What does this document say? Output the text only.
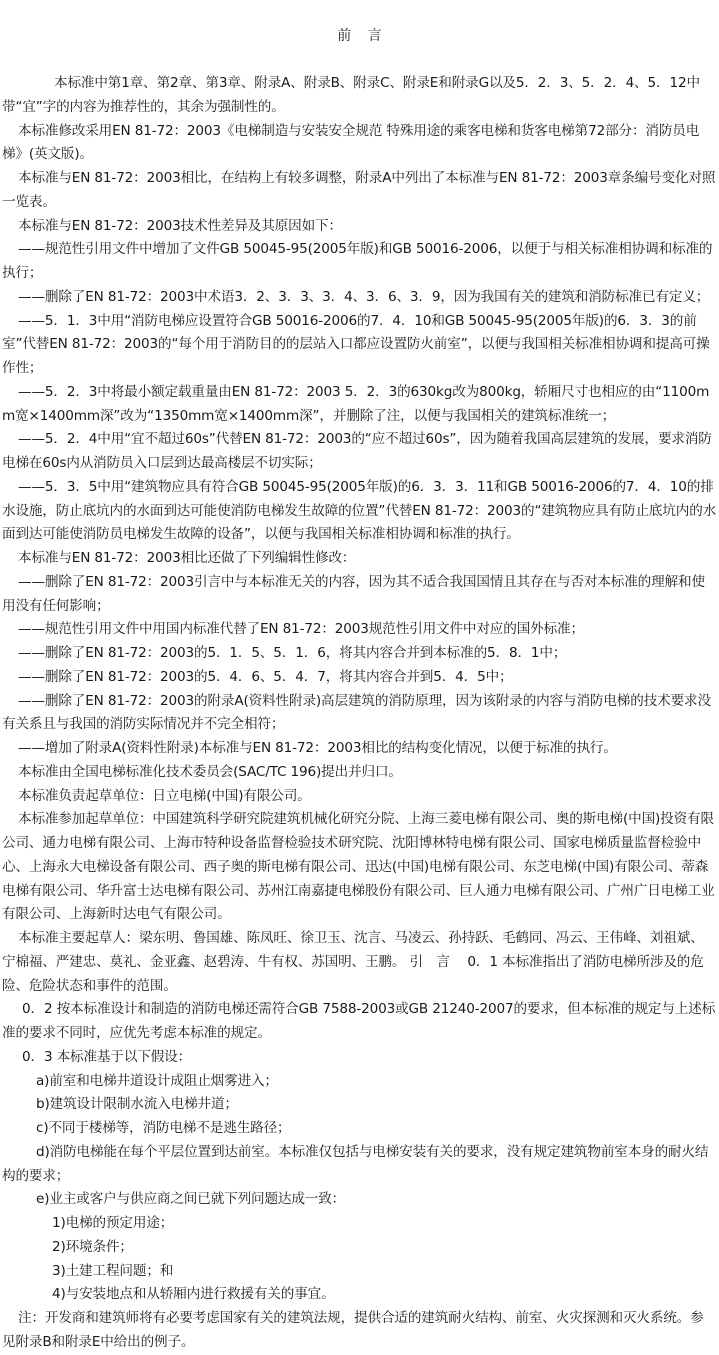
前 言

本标准中第1章、第2章、第3章、附录A、附录B、附录C、附录E和附录G以及5．2．3、5．2．4、5．12中带“宜”字的内容为推荐性的，其余为强制性的。

本标准修改采用EN 81-72：2003《电梯制造与安装安全规范 特殊用途的乘客电梯和货客电梯第72部分：消防员电梯》(英文版)。

本标准与EN 81-72：2003相比，在结构上有较多调整，附录A中列出了本标准与EN 81-72：2003章条编号变化对照一览表。

本标准与EN 81-72：2003技术性差异及其原因如下：

——规范性引用文件中增加了文件GB 50045-95(2005年版)和GB 50016-2006，以便于与相关标准相协调和标准的执行；

——删除了EN 81-72：2003中术语3．2、3．3、3．4、3．6、3．9，因为我国有关的建筑和消防标准已有定义；

——5．1．3中用“消防电梯应设置符合GB 50016-2006的7．4．10和GB 50045-95(2005年版)的6．3．3的前室”代替EN 81-72：2003的“每个用于消防目的的层站入口都应设置防火前室”，以便与我国相关标准相协调和提高可操作性；

——5．2．3中将最小额定载重量由EN 81-72：2003 5．2．3的630kg改为800kg，轿厢尺寸也相应的由“1100mm宽×1400mm深”改为“1350mm宽×1400mm深”，并删除了注，以便与我国相关的建筑标准统一；

——5．2．4中用“宜不超过60s”代替EN 81-72：2003的“应不超过60s”，因为随着我国高层建筑的发展，要求消防电梯在60s内从消防员入口层到达最高楼层不切实际；

——5．3．5中用“建筑物应具有符合GB 50045-95(2005年版)的6．3．3．11和GB 50016-2006的7．4．10的排水设施，防止底坑内的水面到达可能使消防电梯发生故障的位置”代替EN 81-72：2003的“建筑物应具有防止底坑内的水面到达可能使消防员电梯发生故障的设备”，以便与我国相关标准相协调和标准的执行。

本标准与EN 81-72：2003相比还做了下列编辑性修改：

——删除了EN 81-72：2003引言中与本标准无关的内容，因为其不适合我国国情且其存在与否对本标准的理解和使用没有任何影响；

——规范性引用文件中用国内标准代替了EN 81-72：2003规范性引用文件中对应的国外标准；

——删除了EN 81-72：2003的5．1．5、5．1．6，将其内容合并到本标准的5．8．1中；

——删除了EN 81-72：2003的5．4．6、5．4．7，将其内容合并到5．4．5中；

——删除了EN 81-72：2003的附录A(资料性附录)高层建筑的消防原理，因为该附录的内容与消防电梯的技术要求没有关系且与我国的消防实际情况并不完全相符；

——增加了附录A(资料性附录)本标准与EN 81-72：2003相比的结构变化情况，以便于标准的执行。

本标准由全国电梯标准化技术委员会(SAC/TC 196)提出并归口。

本标准负责起草单位：日立电梯(中国)有限公司。

本标准参加起草单位：中国建筑科学研究院建筑机械化研究分院、上海三菱电梯有限公司、奥的斯电梯(中国)投资有限公司、通力电梯有限公司、上海市特种设备监督检验技术研究院、沈阳博林特电梯有限公司、国家电梯质量监督检验中心、上海永大电梯设备有限公司、西子奥的斯电梯有限公司、迅达(中国)电梯有限公司、东芝电梯(中国)有限公司、蒂森电梯有限公司、华升富士达电梯有限公司、苏州江南嘉捷电梯股份有限公司、巨人通力电梯有限公司、广州广日电梯工业有限公司、上海新时达电气有限公司。

本标准主要起草人：梁东明、鲁国雄、陈凤旺、徐卫玉、沈言、马凌云、孙持跃、毛鹤同、冯云、王伟峰、刘祖斌、宁棉福、严建忠、莫礼、金亚鑫、赵碧涛、牛有权、苏国明、王鹏。 引　言　 0．1 本标准指出了消防电梯所涉及的危险、危险状态和事件的范围。

0．2 按本标准设计和制造的消防电梯还需符合GB 7588-2003或GB 21240-2007的要求，但本标准的规定与上述标准的要求不同时，应优先考虑本标准的规定。

0．3 本标准基于以下假设：

a)前室和电梯井道设计成阻止烟雾进入；

b)建筑设计限制水流入电梯井道；

c)不同于楼梯等，消防电梯不是逃生路径；

d)消防电梯能在每个平层位置到达前室。本标准仅包括与电梯安装有关的要求，没有规定建筑物前室本身的耐火结构的要求；

e)业主或客户与供应商之间已就下列问题达成一致：

1)电梯的预定用途；

2)环境条件；

3)土建工程问题；和

4)与安装地点和从轿厢内进行救援有关的事宜。

注：开发商和建筑师将有必要考虑国家有关的建筑法规，提供合适的建筑耐火结构、前室、火灾探测和灭火系统。参见附录B和附录E中给出的例子。
